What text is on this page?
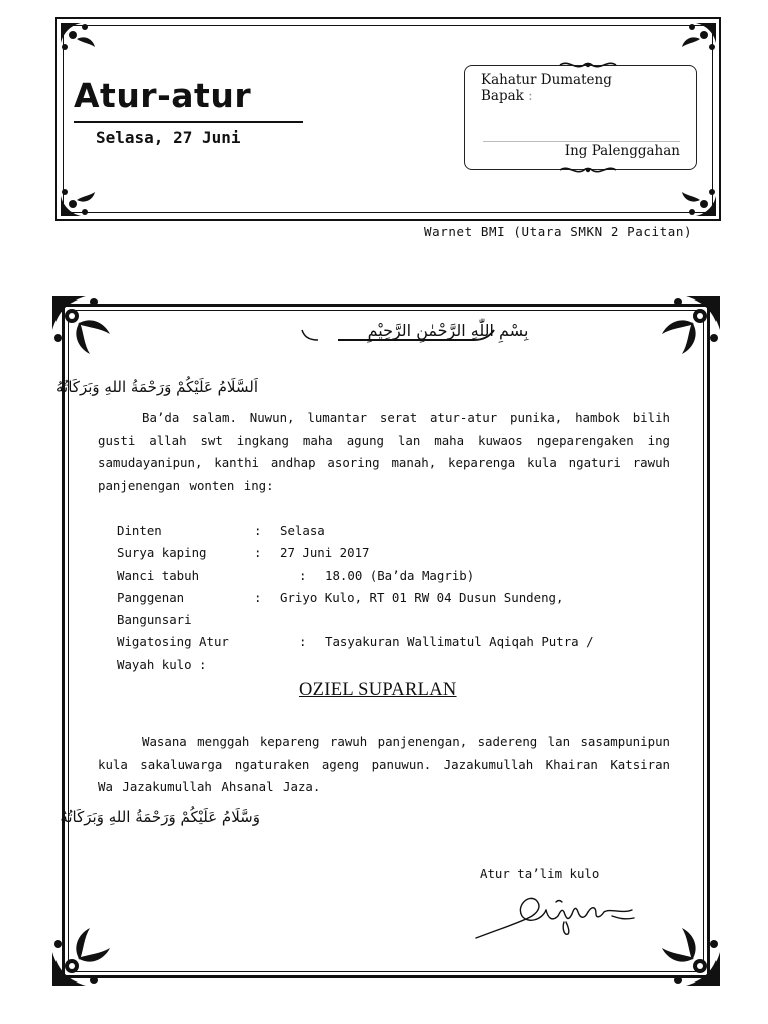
Atur-atur
Selasa, 27 Juni
Kahatur Dumateng
Bapak :
Ing Palenggahan
Warnet BMI (Utara SMKN 2 Pacitan)
بِسْمِ اللّٰهِ الرَّحْمٰنِ الرَّحِيْمِ
اَلسَّلَامُ عَلَيْكُمْ وَرَحْمَةُ اللهِ وَبَرَكَاتُهُ

Ba’da salam. Nuwun, lumantar serat atur-atur punika, hambok bilih gusti allah swt ingkang maha agung lan maha kuwaos ngeparengaken ing samudayanipun, kanthi andhap asoring manah, keparenga kula ngaturi rawuh panjenengan wonten ing:

Dinten	: Selasa
Surya kaping	: 27 Juni 2017
Wanci tabuh	: 18.00 (Ba’da Magrib)
Panggenan	: Griyo Kulo, RT 01 RW 04 Dusun Sundeng,
Bangunsari
Wigatosing Atur	: Tasyakuran Wallimatul Aqiqah Putra /
Wayah kulo :
OZIEL SUPARLAN

Wasana menggah kepareng rawuh panjenengan, sadereng lan sasampunipun kula sakaluwarga ngaturaken ageng panuwun. Jazakumullah Khairan Katsiran Wa Jazakumullah Ahsanal Jaza.

وَسَّلَامُ عَلَيْكُمْ وَرَحْمَةُ اللهِ وَبَرَكَاتُهُ
Atur ta’lim kulo
